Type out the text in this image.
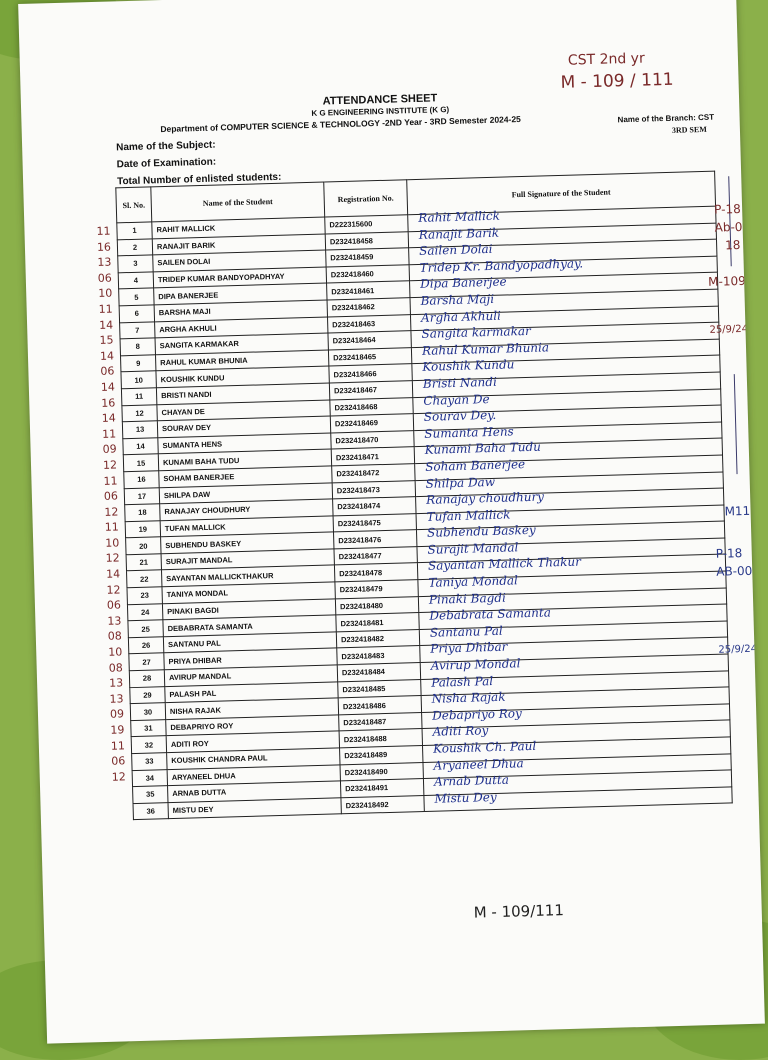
CST 2nd yr
M - 109 / 111
ATTENDANCE SHEET
K G ENGINEERING INSTITUTE (K G)
Department of COMPUTER SCIENCE & TECHNOLOGY -2ND Year - 3RD Semester 2024-25	Name of the Branch: CST
3RD SEM
Name of the Subject:
Date of Examination:
Total Number of enlisted students:
11
16
13
06
10
11
14
15
14
06
14
16
14
11
09
12
11
06
12
11
10
12
14
12
06
13
08
10
08
13
13
09
19
11
06
12
Sl. No.	Name of the Student	Registration No.	Full Signature of the Student
1	RAHIT MALLICK	D222315600	Rahit Mallick

2	RANAJIT BARIK	D232418458	Ranajit Barik

3	SAILEN DOLAI	D232418459	Sailen Dolai

4	TRIDEP KUMAR BANDYOPADHYAY	D232418460	Tridep Kr. Bandyopadhyay.

5	DIPA BANERJEE	D232418461	Dipa Banerjee

6	BARSHA MAJI	D232418462	Barsha Maji

7	ARGHA AKHULI	D232418463	Argha Akhuli

8	SANGITA KARMAKAR	D232418464	Sangita karmakar

9	RAHUL KUMAR BHUNIA	D232418465	Rahul Kumar Bhunia

10	KOUSHIK KUNDU	D232418466	Koushik Kundu

11	BRISTI NANDI	D232418467	Bristi Nandi

12	CHAYAN DE	D232418468	Chayan De

13	SOURAV DEY	D232418469	Sourav Dey.

14	SUMANTA HENS	D232418470	Sumanta Hens

15	KUNAMI BAHA TUDU	D232418471	Kunami Baha Tudu

16	SOHAM BANERJEE	D232418472	Soham Banerjee

17	SHILPA DAW	D232418473	Shilpa Daw

18	RANAJAY CHOUDHURY	D232418474	Ranajay choudhury

19	TUFAN MALLICK	D232418475	Tufan Mallick

20	SUBHENDU BASKEY	D232418476	Subhendu Baskey

21	SURAJIT MANDAL	D232418477	Surajit Mandal

22	SAYANTAN MALLICKTHAKUR	D232418478	Sayantan Mallick Thakur

23	TANIYA MONDAL	D232418479	Taniya Mondal

24	PINAKI BAGDI	D232418480	Pinaki Bagdi

25	DEBABRATA SAMANTA	D232418481	Debabrata Samanta

26	SANTANU PAL	D232418482	Santanu Pal

27	PRIYA DHIBAR	D232418483	Priya Dhibar

28	AVIRUP MANDAL	D232418484	Avirup Mondal

29	PALASH PAL	D232418485	Palash Pal

30	NISHA RAJAK	D232418486	Nisha Rajak

31	DEBAPRIYO ROY	D232418487	Debapriyo Roy

32	ADITI ROY	D232418488	Aditi Roy

33	KOUSHIK CHANDRA PAUL	D232418489	Koushik Ch. Paul

34	ARYANEEL DHUA	D232418490	Aryaneel Dhua

35	ARNAB DUTTA	D232418491	Arnab Dutta

36	MISTU DEY	D232418492	Mistu Dey
P-18
Ab-0
18
M-109
25/9/24
M111
P-18
AB-00
25/9/24
M - 109/111
